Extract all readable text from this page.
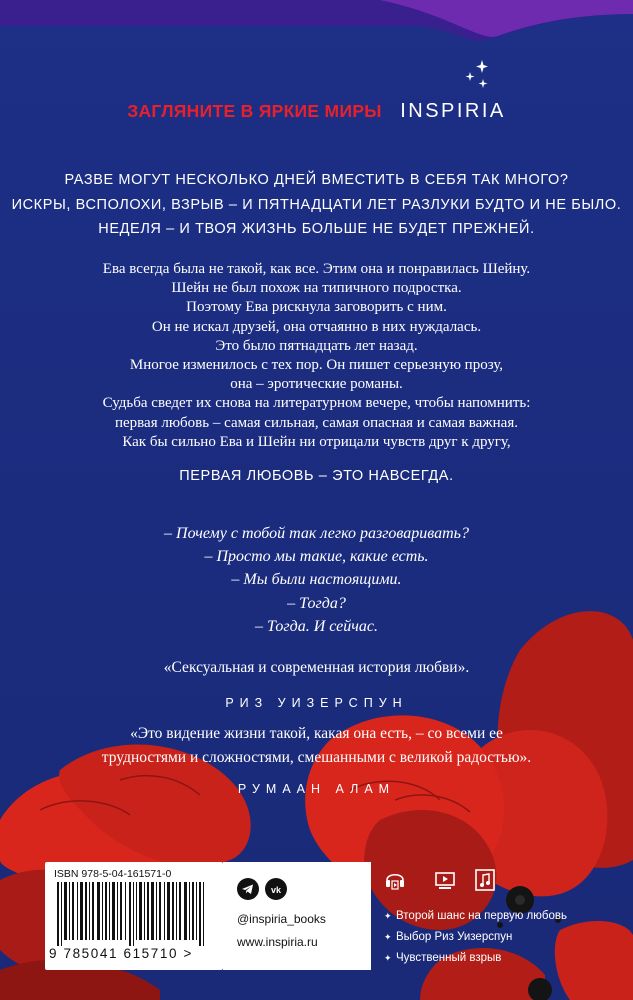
ЗАГЛЯНИТЕ В ЯРКИЕ МИРЫ INSPIRIA
РАЗВЕ МОГУТ НЕСКОЛЬКО ДНЕЙ ВМЕСТИТЬ В СЕБЯ ТАК МНОГО?
ИСКРЫ, ВСПОЛОХИ, ВЗРЫВ – И ПЯТНАДЦАТИ ЛЕТ РАЗЛУКИ БУДТО И НЕ БЫЛО.
НЕДЕЛЯ – И ТВОЯ ЖИЗНЬ БОЛЬШЕ НЕ БУДЕТ ПРЕЖНЕЙ.
Ева всегда была не такой, как все. Этим она и понравилась Шейну.
Шейн не был похож на типичного подростка.
Поэтому Ева рискнула заговорить с ним.
Он не искал друзей, она отчаянно в них нуждалась.
Это было пятнадцать лет назад.
Многое изменилось с тех пор. Он пишет серьезную прозу,
она – эротические романы.
Судьба сведет их снова на литературном вечере, чтобы напомнить:
первая любовь – самая сильная, самая опасная и самая важная.
Как бы сильно Ева и Шейн ни отрицали чувств друг к другу,
ПЕРВАЯ ЛЮБОВЬ – ЭТО НАВСЕГДА.
– Почему с тобой так легко разговаривать?
– Просто мы такие, какие есть.
– Мы были настоящими.
– Тогда?
– Тогда. И сейчас.
«Сексуальная и современная история любви».
РИЗ УИЗЕРСПУН
«Это видение жизни такой, какая она есть, – со всеми ее
трудностями и сложностями, смешанными с великой радостью».
РУМААН АЛАМ
ISBN 978-5-04-161571-0
9 785041 615710 >
vk
@inspiria_books
www.inspiria.ru
✦ Второй шанс на первую любовь
✦ Выбор Риз Уизерспун
✦ Чувственный взрыв
